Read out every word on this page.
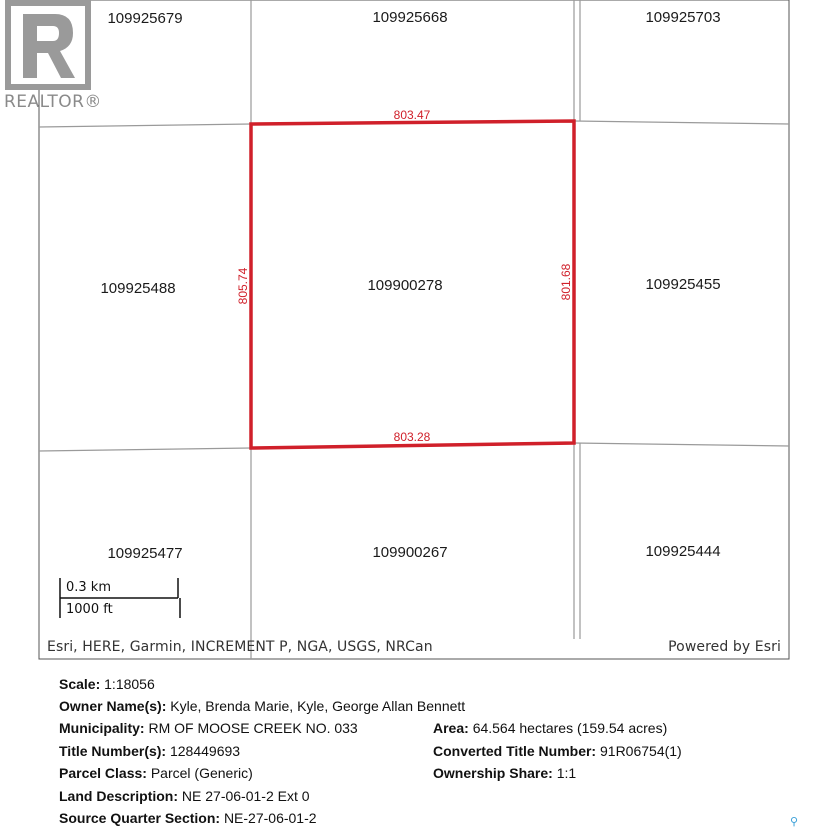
109925679	109925668	109925703
109925488	109900278	109925455
109925477	109900267	109925444
803.47
803.28
805.74	801.68
0.3 km
1000 ft
Esri, HERE, Garmin, INCREMENT P, NGA, USGS, NRCan	Powered by Esri
REALTOR®
Scale: 1:18056
Owner Name(s): Kyle, Brenda Marie, Kyle, George Allan Bennett
Municipality: RM OF MOOSE CREEK NO. 033	Area: 64.564 hectares (159.54 acres)
Title Number(s): 128449693	Converted Title Number: 91R06754(1)
Parcel Class: Parcel (Generic)	Ownership Share: 1:1
Land Description: NE 27-06-01-2 Ext 0
Source Quarter Section: NE-27-06-01-2	⚲
